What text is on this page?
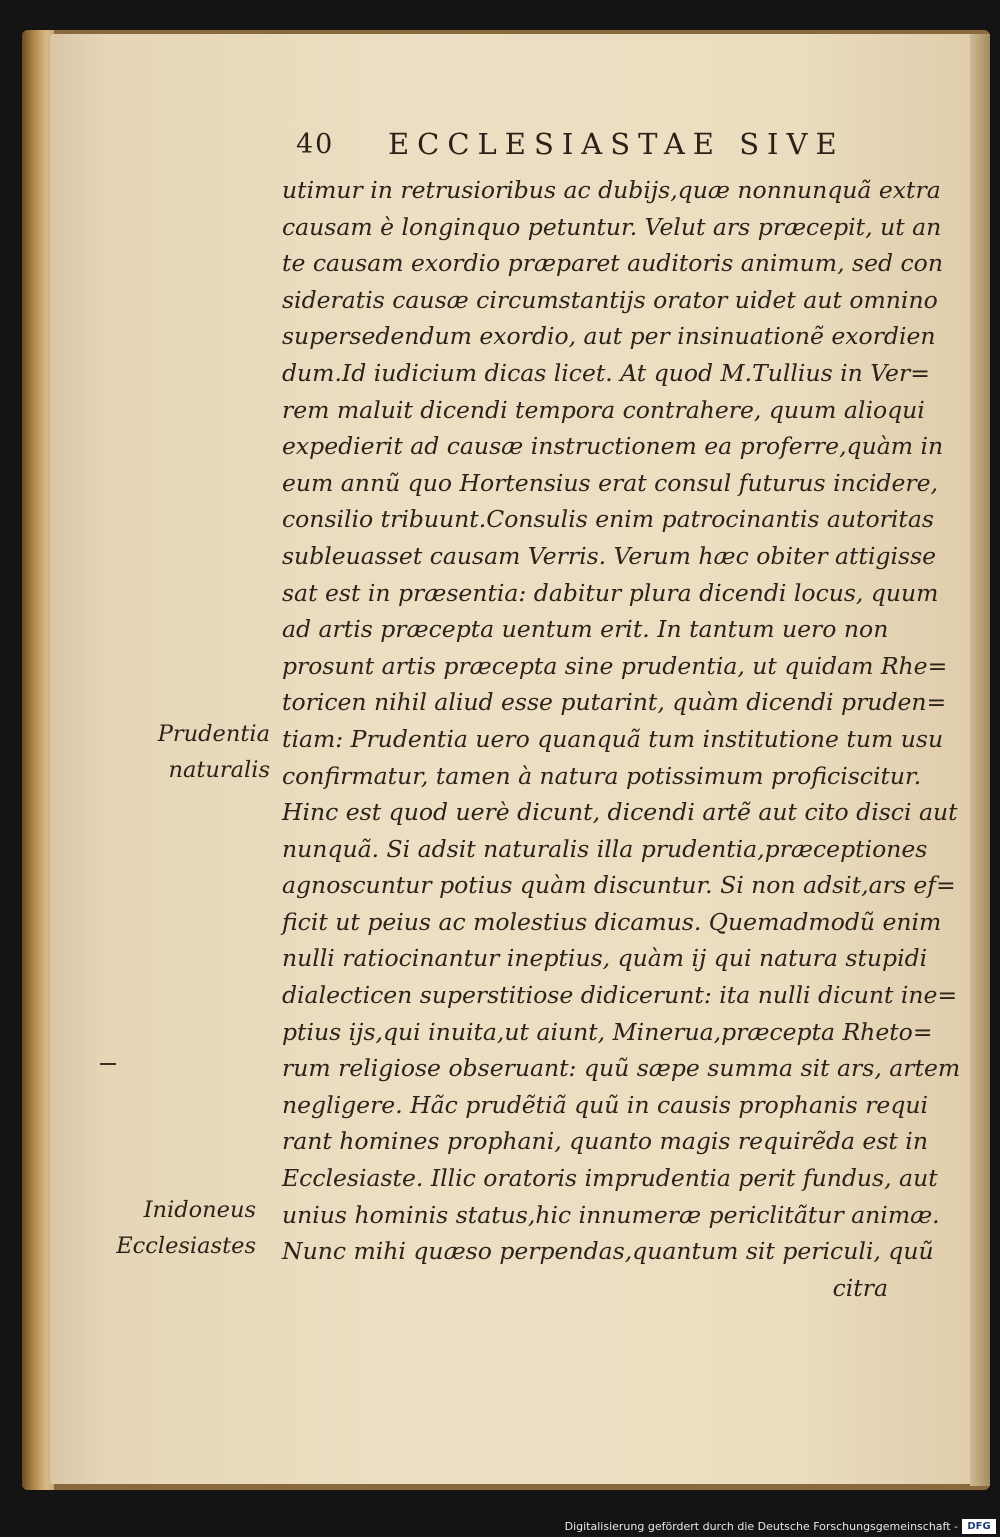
40 ECCLESIASTAE SIVE
utimur in retrusioribus ac dubijs,quæ nonnunquã extra
causam è longinquo petuntur. Velut ars præcepit, ut an
te causam exordio præparet auditoris animum, sed con
sideratis causæ circumstantijs orator uidet aut omnino
supersedendum exordio, aut per insinuationẽ exordien
dum.Id iudicium dicas licet. At quod M.Tullius in Ver=
rem maluit dicendi tempora contrahere, quum alioqui
expedierit ad causæ instructionem ea proferre,quàm in
eum annũ quo Hortensius erat consul futurus incidere,
consilio tribuunt.Consulis enim patrocinantis autoritas
subleuasset causam Verris. Verum hæc obiter attigisse
sat est in præsentia: dabitur plura dicendi locus, quum
ad artis præcepta uentum erit. In tantum uero non
prosunt artis præcepta sine prudentia, ut quidam Rhe=
toricen nihil aliud esse putarint, quàm dicendi pruden=
tiam: Prudentia uero quanquã tum institutione tum usu
confirmatur, tamen à natura potissimum proficiscitur.
Hinc est quod uerè dicunt, dicendi artẽ aut cito disci aut
nunquã. Si adsit naturalis illa prudentia,præceptiones
agnoscuntur potius quàm discuntur. Si non adsit,ars ef=
ficit ut peius ac molestius dicamus. Quemadmodũ enim
nulli ratiocinantur ineptius, quàm ij qui natura stupidi
dialecticen superstitiose didicerunt: ita nulli dicunt ine=
ptius ijs,qui inuita,ut aiunt, Minerua,præcepta Rheto=
rum religiose obseruant: quũ sæpe summa sit ars, artem
negligere. Hãc prudẽtiã quũ in causis prophanis requi
rant homines prophani, quanto magis requirẽda est in
Ecclesiaste. Illic oratoris imprudentia perit fundus, aut
unius hominis status,hic innumeræ periclitãtur animæ.
Nunc mihi quæso perpendas,quantum sit periculi, quũ
citra
Prudentia
naturalis
Inidoneus
Ecclesiastes
Digitalisierung gefördert durch die Deutsche Forschungsgemeinschaft - DFG
